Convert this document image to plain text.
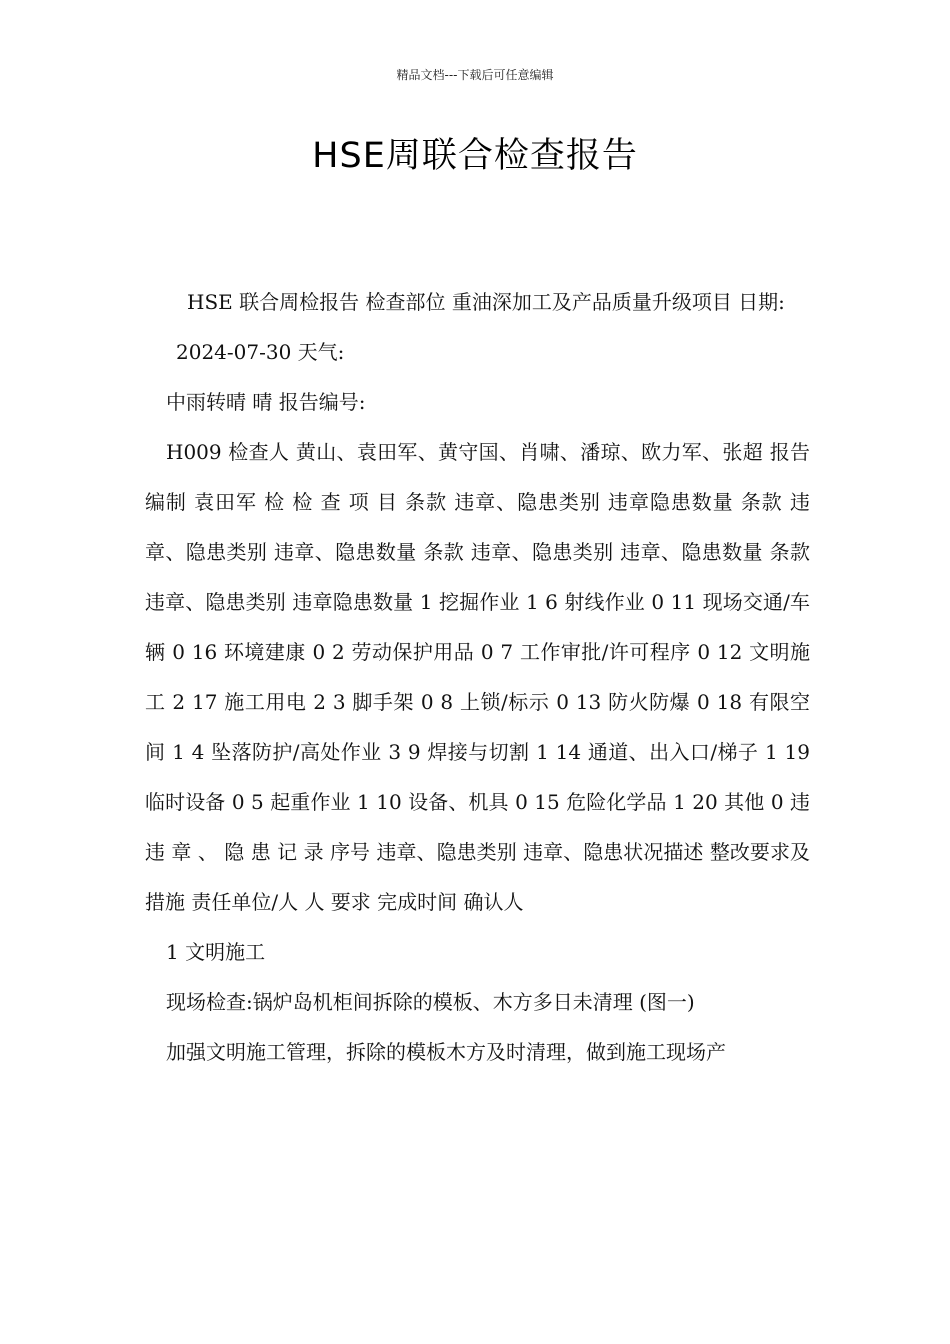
精品文档---下载后可任意编辑
HSE周联合检查报告

HSE 联合周检报告 检查部位 重油深加工及产品质量升级项目 日期:

2024-07-30 天气:

中雨转晴 晴 报告编号:

H009 检查人 黄山、袁田军、黄守国、肖啸、潘琼、欧力军、张超 报告编制 袁田军 检 检 查 项 目 条款 违章、隐患类别 违章隐患数量 条款 违章、隐患类别 违章、隐患数量 条款 违章、隐患类别 违章、隐患数量 条款 违章、隐患类别 违章隐患数量 1 挖掘作业 1 6 射线作业 0 11 现场交通/车辆 0 16 环境建康 0 2 劳动保护用品 0 7 工作审批/许可程序 0 12 文明施工 2 17 施工用电 2 3 脚手架 0 8 上锁/标示 0 13 防火防爆 0 18 有限空间 1 4 坠落防护/高处作业 3 9 焊接与切割 1 14 通道、出入口/梯子 1 19 临时设备 0 5 起重作业 1 10 设备、机具 0 15 危险化学品 1 20 其他 0 违 违 章 、 隐 患 记 录 序号 违章、隐患类别 违章、隐患状况描述 整改要求及措施 责任单位/人 人 要求 完成时间 确认人

1 文明施工

现场检查:锅炉岛机柜间拆除的模板、木方多日未清理 (图一)

加强文明施工管理，拆除的模板木方及时清理，做到施工现场产
